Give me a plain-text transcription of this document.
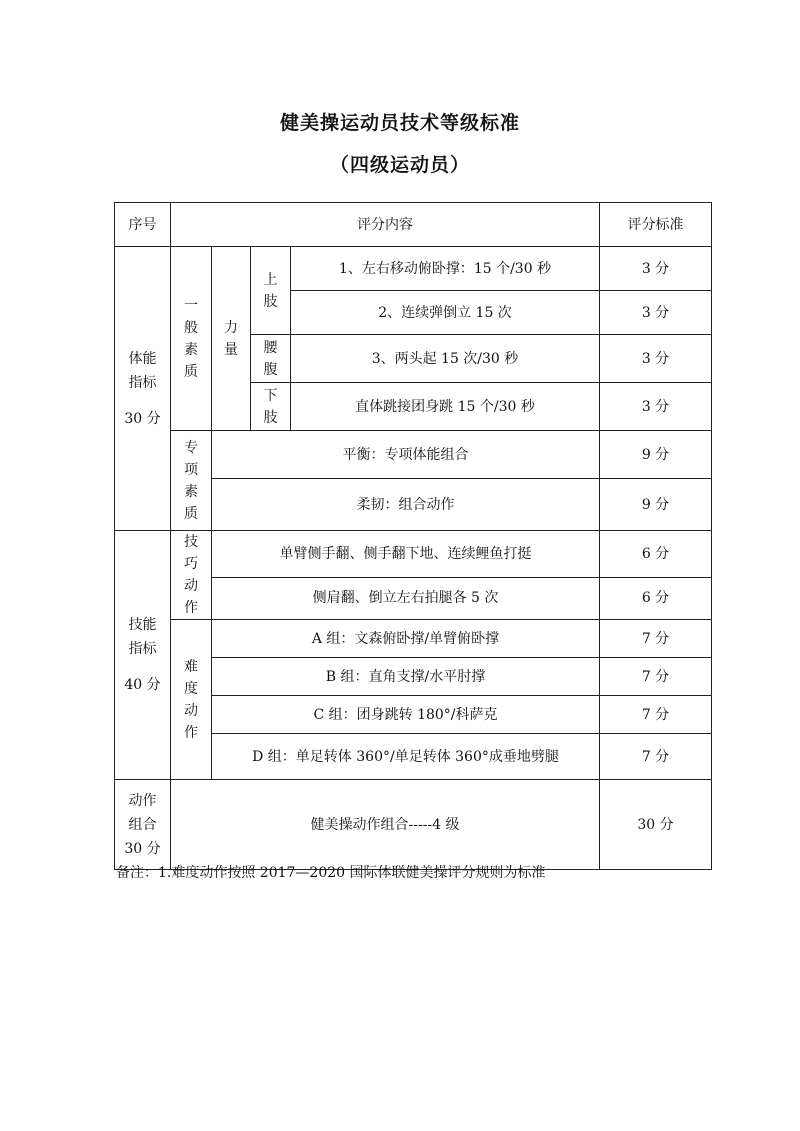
健美操运动员技术等级标准
（四级运动员）
序号	评分内容				评分标准

体能
指标
30 分	一般素质	力量	上肢	1、左右移动俯卧撑：15 个/30 秒	3 分
				2、连续弹倒立 15 次	3 分
			腰腹	3、两头起 15 次/30 秒	3 分
			下肢	直体跳接团身跳 15 个/30 秒	3 分
	专项素质	平衡：专项体能组合			9 分
		柔韧：组合动作			9 分

技能
指标
40 分	技巧动作	单臂侧手翻、侧手翻下地、连续鲤鱼打挺			6 分
		侧肩翻、倒立左右拍腿各 5 次			6 分
	难度动作	A 组：文森俯卧撑/单臂俯卧撑			7 分
		B 组：直角支撑/水平肘撑			7 分
		C 组：团身跳转 180°/科萨克			7 分
		D 组：单足转体 360°/单足转体 360°成垂地劈腿			7 分

动作
组合
30 分	健美操动作组合-----4 级				30 分
备注：1.难度动作按照 2017—2020 国际体联健美操评分规则为标准
